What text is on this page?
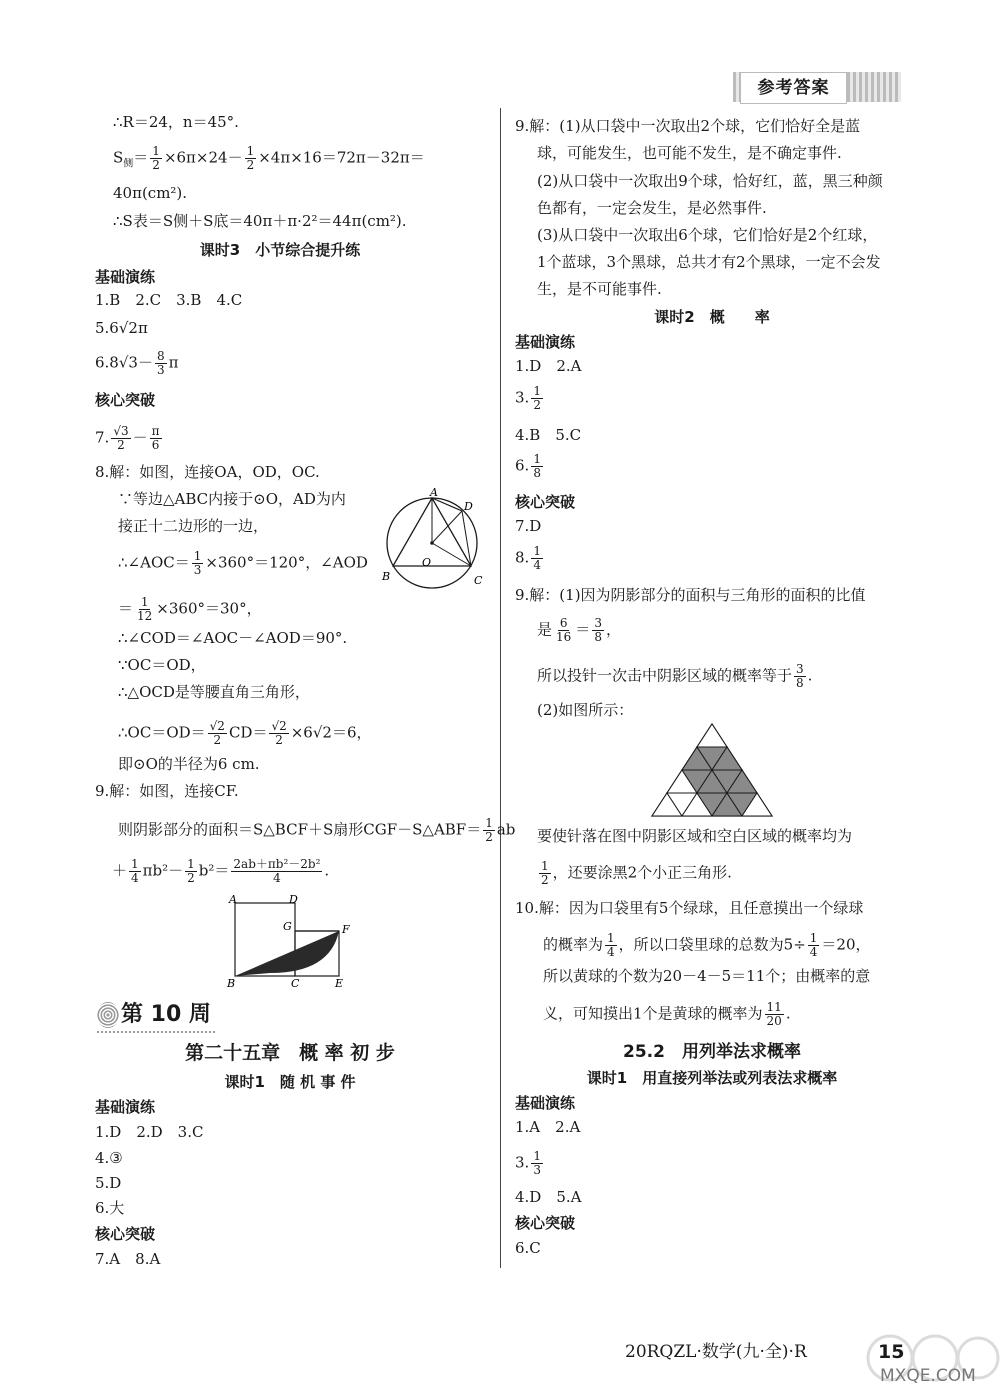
参考答案
∴R＝24，n＝45°.
$S_侧= \frac{1}{2} \times 6\pi\times 24- \frac{1}{2} \times 4\pi\times 16=72\pi-32\pi=$
40π(cm²).
∴S表＝S侧＋S底＝40π＋π·2²＝44π(cm²).
课时3　小节综合提升练
基础演练
1.B　2.C　3.B　4.C
5.6√2π
$6.8√3- \frac{8}{3}$ π
核心突破
7. $\frac{√3}{2} - \frac{\pi}{6}$
8.解：如图，连接OA，OD，OC.
∵等边△ABC内接于⊙O，AD为内
接正十二边形的一边，
∴∠AOC＝ $\frac{1}{3} \times 360^\circ=120^\circ$，∠AOD
＝ $\frac{1}{12} \times 360^\circ=30^\circ$，
∴∠COD＝∠AOC－∠AOD＝90°.
∵OC＝OD，
∴△OCD是等腰直角三角形，
∴OC＝OD＝ $\frac{√2}{2} CD= \frac{√2}{2} \times 6√2=6$，
即⊙O的半径为6 cm.
9.解：如图，连接CF.
则阴影部分的面积＝S△BCF＋S扇形CGF－S△ABF＝ $\frac{1}{2}$ ab
＋ $\frac{1}{4} \pi b^2- \frac{1}{2} b^2= \frac{\text{2ab＋πb²－2b²}}{4}$ .
A
D
B	C
O
A	D
G	F
B	C	E
第 10 周
第二十五章　概 率 初 步
课时1　随 机 事 件
基础演练
1.D　2.D　3.C
4.③
5.D
6.大
核心突破
7.A　8.A
9.解：(1)从口袋中一次取出2个球，它们恰好全是蓝
球，可能发生，也可能不发生，是不确定事件.
(2)从口袋中一次取出9个球，恰好红，蓝，黑三种颜
色都有，一定会发生，是必然事件.
(3)从口袋中一次取出6个球，它们恰好是2个红球，
1个蓝球，3个黑球，总共才有2个黑球，一定不会发
生，是不可能事件.
课时2　概　　率
基础演练
1.D　2.A
3. $\frac{1}{2}$
4.B　5.C
6. $\frac{1}{8}$
核心突破
7.D
8. $\frac{1}{4}$
9.解：(1)因为阴影部分的面积与三角形的面积的比值
是 $\frac{6}{16} = \frac{3}{8}$ ，
所以投针一次击中阴影区域的概率等于 $\frac{3}{8}$ .
(2)如图所示：
要使针落在图中阴影区域和空白区域的概率均为
$\frac{1}{2}$ ，还要涂黑2个小正三角形.
10.解：因为口袋里有5个绿球，且任意摸出一个绿球
的概率为 $\frac{1}{4}$ ，所以口袋里球的总数为$5\div \frac{1}{4} =20$，
所以黄球的个数为20－4－5＝11个；由概率的意
义，可知摸出1个是黄球的概率为 $\frac{11}{20}$ .
25.2　用列举法求概率
课时1　用直接列举法或列表法求概率
基础演练
1.A　2.A
3. $\frac{1}{3}$
4.D　5.A
核心突破
6.C
20RQZL·数学(九·全)·R	15
MXQE.COM
